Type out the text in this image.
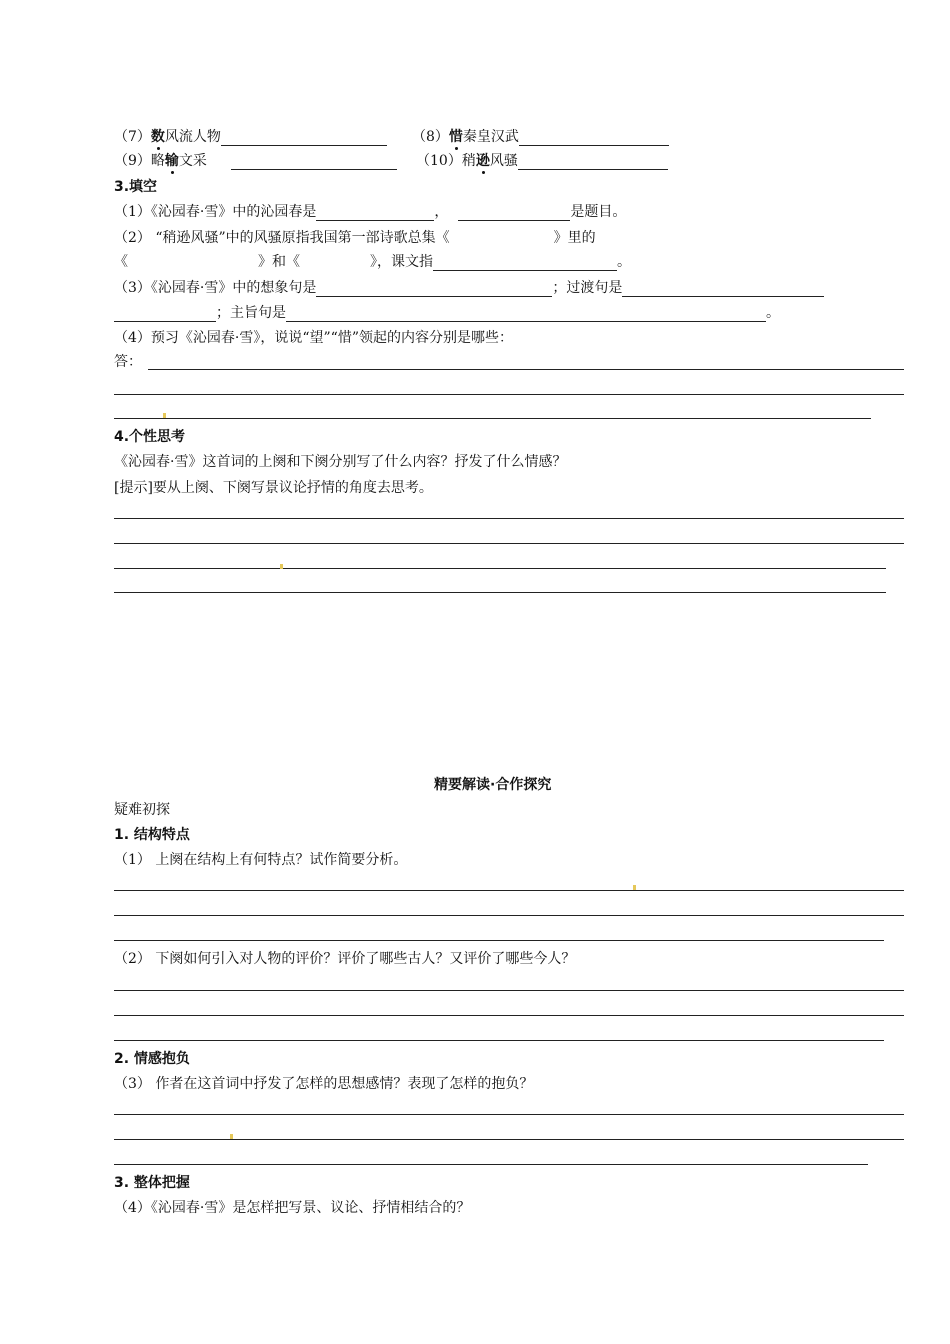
（7）数风流人物	（8）惜秦皇汉武
（9）略输文采	（10）稍逊风骚
3.填空
（1）《沁园春·雪》中的沁园春是	，	是题目。
（2） “稍逊风骚”中的风骚原指我国第一部诗歌总集《	》里的
《	》和《	》，课文指	。
（3）《沁园春·雪》中的想象句是	；过渡句是
；主旨句是	。
（4）预习《沁园春·雪》，说说“望”“惜”领起的内容分别是哪些：
答：
4.个性思考
《沁园春·雪》这首词的上阕和下阕分别写了什么内容？抒发了什么情感？
[提示]要从上阕、下阕写景议论抒情的角度去思考。
精要解读·合作探究
疑难初探
1. 结构特点
（1） 上阕在结构上有何特点？试作简要分析。
（2） 下阕如何引入对人物的评价？评价了哪些古人？又评价了哪些今人？
2. 情感抱负
（3） 作者在这首词中抒发了怎样的思想感情？表现了怎样的抱负？
3. 整体把握
（4）《沁园春·雪》是怎样把写景、议论、抒情相结合的？
